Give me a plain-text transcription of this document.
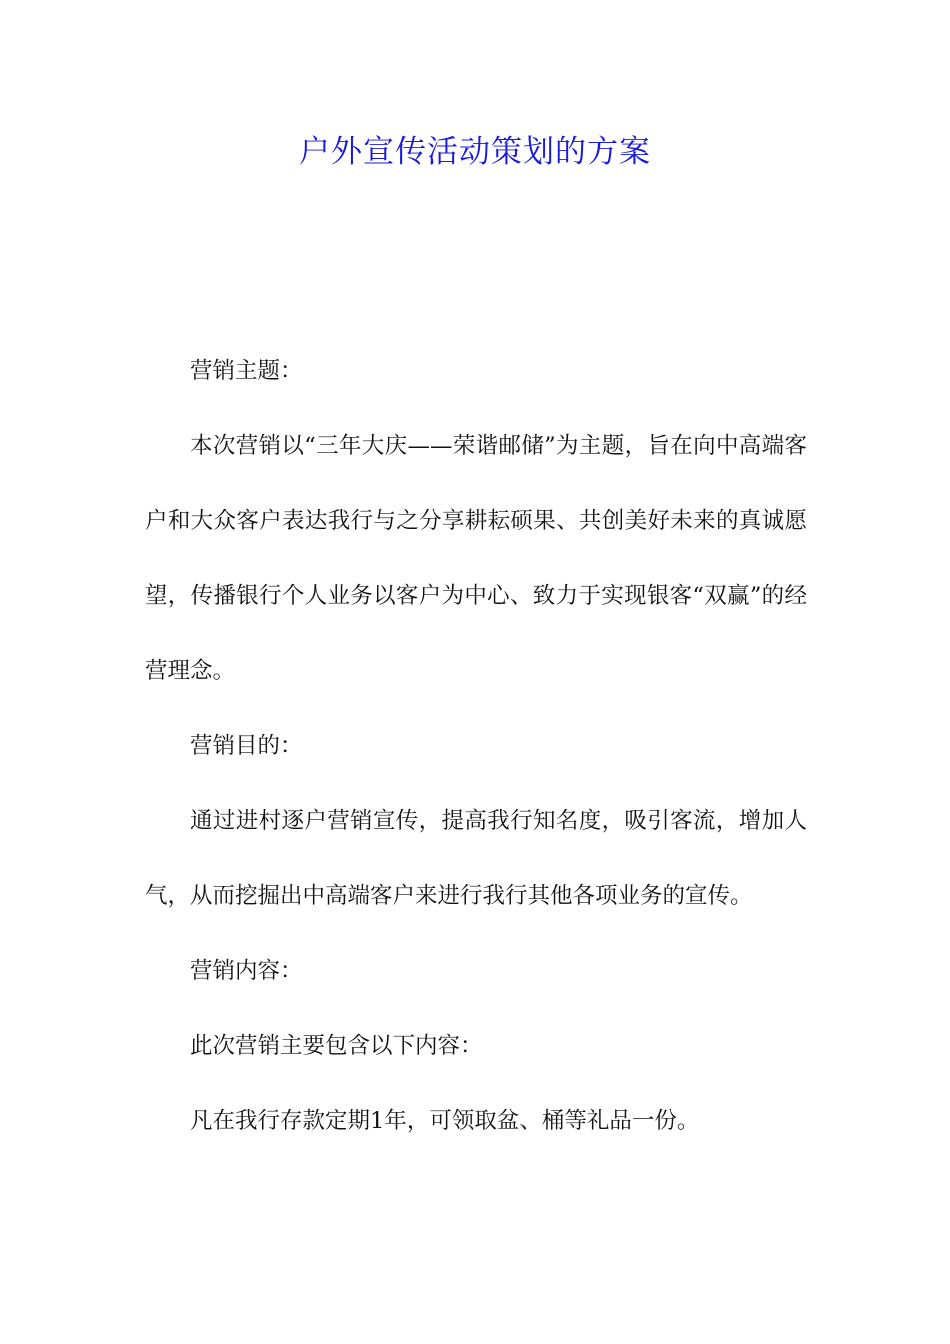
户外宣传活动策划的方案

营销主题：

本次营销以“三年大庆——荣谐邮储”为主题，旨在向中高端客户和大众客户表达我行与之分享耕耘硕果、共创美好未来的真诚愿望，传播银行个人业务以客户为中心、致力于实现银客“双赢”的经营理念。

营销目的：

通过进村逐户营销宣传，提高我行知名度，吸引客流，增加人气，从而挖掘出中高端客户来进行我行其他各项业务的宣传。

营销内容：

此次营销主要包含以下内容：

凡在我行存款定期1年，可领取盆、桶等礼品一份。
